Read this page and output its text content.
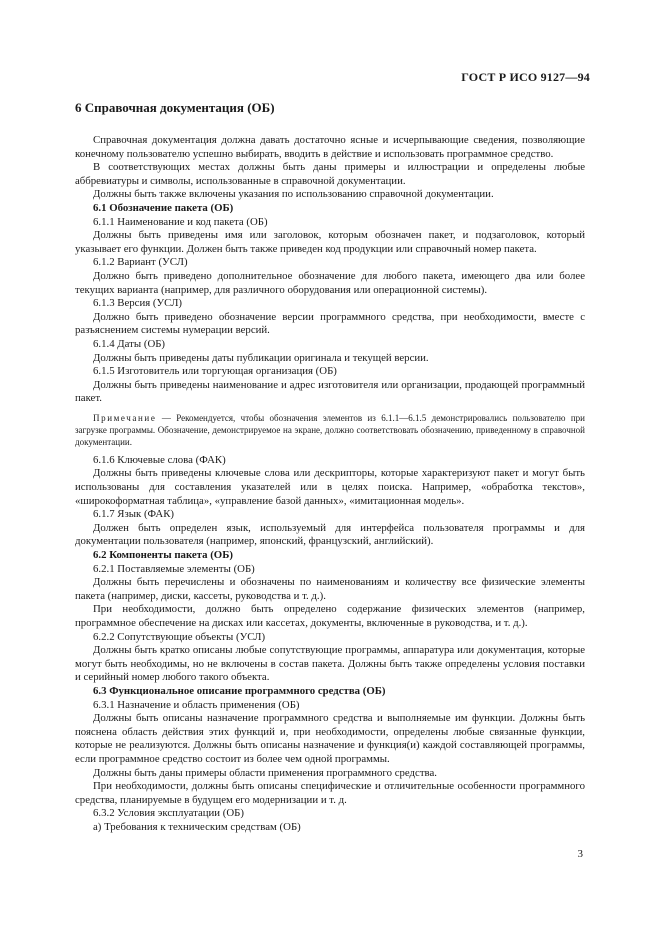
ГОСТ Р ИСО 9127—94
6 Справочная документация (ОБ)

Справочная документация должна давать достаточно ясные и исчерпывающие сведения, позволяющие конечному пользователю успешно выбирать, вводить в действие и использовать программное средство.

В соответствующих местах должны быть даны примеры и иллюстрации и определены любые аббревиатуры и символы, использованные в справочной документации.

Должны быть также включены указания по использованию справочной документации.

6.1 Обозначение пакета (ОБ)

6.1.1 Наименование и код пакета (ОБ)

Должны быть приведены имя или заголовок, которым обозначен пакет, и подзаголовок, который указывает его функции. Должен быть также приведен код продукции или справочный номер пакета.

6.1.2 Вариант (УСЛ)

Должно быть приведено дополнительное обозначение для любого пакета, имеющего два или более текущих варианта (например, для различного оборудования или операционной системы).

6.1.3 Версия (УСЛ)

Должно быть приведено обозначение версии программного средства, при необходимости, вместе с разъяснением системы нумерации версий.

6.1.4 Даты (ОБ)

Должны быть приведены даты публикации оригинала и текущей версии.

6.1.5 Изготовитель или торгующая организация (ОБ)

Должны быть приведены наименование и адрес изготовителя или организации, продающей программный пакет.

Примечание — Рекомендуется, чтобы обозначения элементов из 6.1.1—6.1.5 демонстрировались пользователю при загрузке программы. Обозначение, демонстрируемое на экране, должно соответствовать обозначению, приведенному в справочной документации.

6.1.6 Ключевые слова (ФАК)

Должны быть приведены ключевые слова или дескрипторы, которые характеризуют пакет и могут быть использованы для составления указателей или в целях поиска. Например, «обработка текстов», «широкоформатная таблица», «управление базой данных», «имитационная модель».

6.1.7 Язык (ФАК)

Должен быть определен язык, используемый для интерфейса пользователя программы и для документации пользователя (например, японский, французский, английский).

6.2 Компоненты пакета (ОБ)

6.2.1 Поставляемые элементы (ОБ)

Должны быть перечислены и обозначены по наименованиям и количеству все физические элементы пакета (например, диски, кассеты, руководства и т. д.).

При необходимости, должно быть определено содержание физических элементов (например, программное обеспечение на дисках или кассетах, документы, включенные в руководства, и т. д.).

6.2.2 Сопутствующие объекты (УСЛ)

Должны быть кратко описаны любые сопутствующие программы, аппаратура или документация, которые могут быть необходимы, но не включены в состав пакета. Должны быть также определены условия поставки и серийный номер любого такого объекта.

6.3 Функциональное описание программного средства (ОБ)

6.3.1 Назначение и область применения (ОБ)

Должны быть описаны назначение программного средства и выполняемые им функции. Должны быть пояснена область действия этих функций и, при необходимости, определены любые связанные функции, которые не реализуются. Должны быть описаны назначение и функция(и) каждой составляющей программы, если программное средство состоит из более чем одной программы.

Должны быть даны примеры области применения программного средства.

При необходимости, должны быть описаны специфические и отличительные особенности программного средства, планируемые в будущем его модернизации и т. д.

6.3.2 Условия эксплуатации (ОБ)

а) Требования к техническим средствам (ОБ)

3
